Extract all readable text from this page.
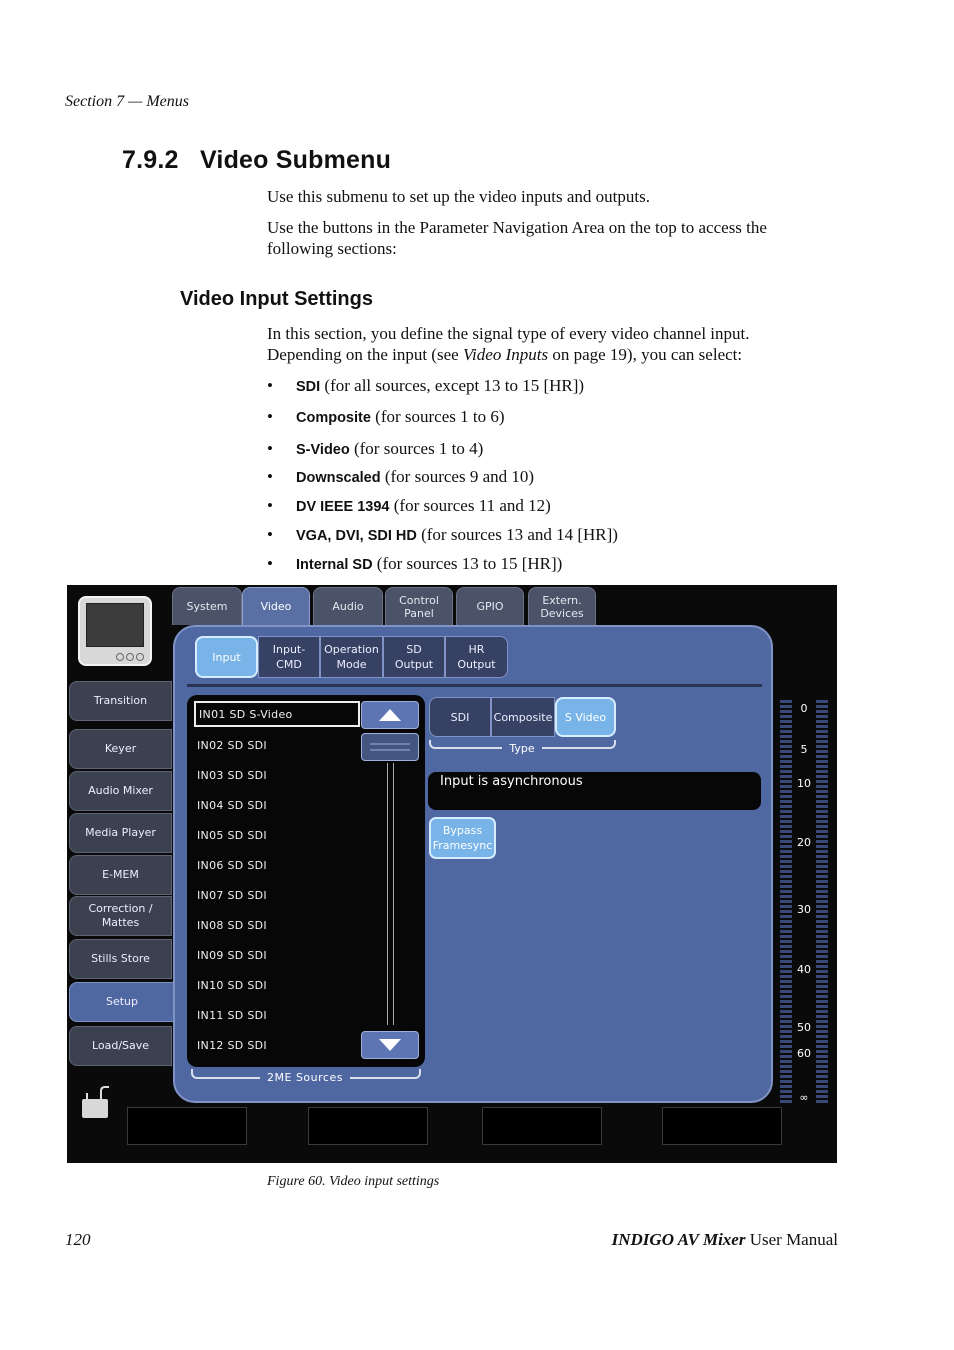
Section 7 — Menus
7.9.2 Video Submenu
Use this submenu to set up the video inputs and outputs.
Use the buttons in the Parameter Navigation Area on the top to access the
following sections:
Video Input Settings
In this section, you define the signal type of every video channel input.
Depending on the input (see Video Inputs on page 19), you can select:
• SDI (for all sources, except 13 to 15 [HR])
• Composite (for sources 1 to 6)
• S-Video (for sources 1 to 4)
• Downscaled (for sources 9 and 10)
• DV IEEE 1394 (for sources 11 and 12)
• VGA, DVI, SDI HD (for sources 13 and 14 [HR])
• Internal SD (for sources 13 to 15 [HR])
System	Video	Audio	Control
Panel	GPIO	Extern.
Devices
Transition
Keyer
Audio Mixer
Media Player
E-MEM
Correction /
Mattes
Stills Store
Setup
Load/Save
Input
Input-
CMD
Operation
Mode
SD
Output
HR
Output
IN01 SD S-Video
IN02 SD SDI
IN03 SD SDI
IN04 SD SDI
IN05 SD SDI
IN06 SD SDI
IN07 SD SDI
IN08 SD SDI
IN09 SD SDI
IN10 SD SDI
IN11 SD SDI
IN12 SD SDI
2ME Sources
SDI	Composite	S Video
Type
Input is asynchronous
Bypass
Framesync
0
5
10
20
30
40
50
60
∞
Figure 60. Video input settings
120	INDIGO AV Mixer User Manual
